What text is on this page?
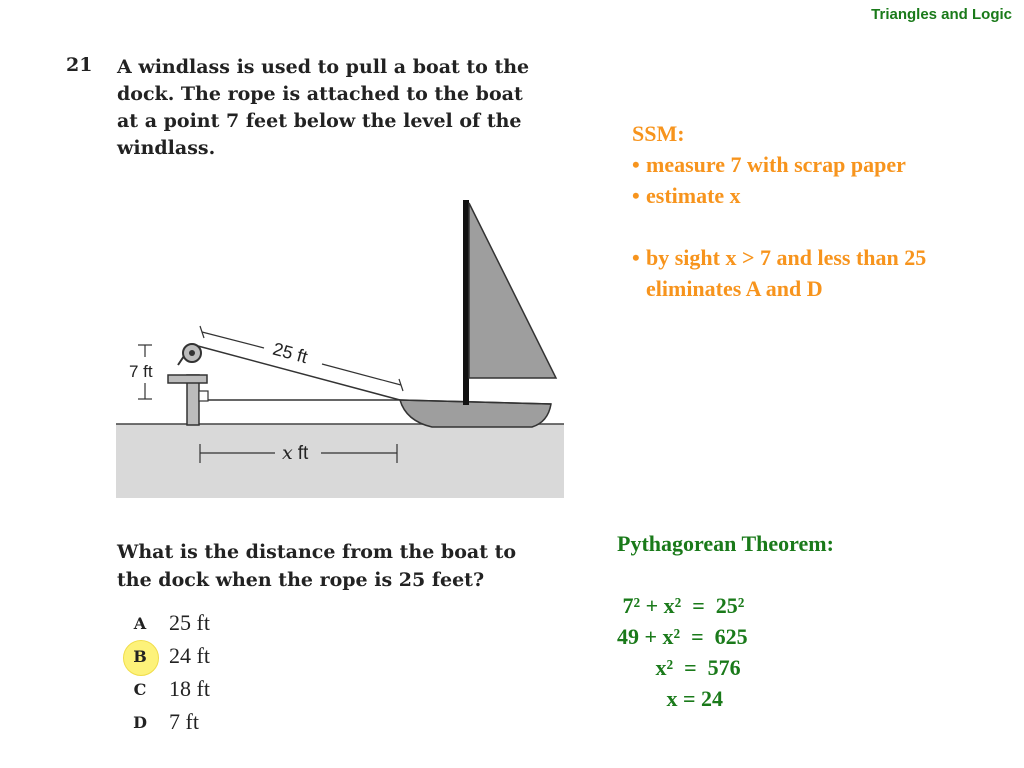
Triangles and Logic
21 A windlass is used to pull a boat to the
dock. The rope is attached to the boat
at a point 7 feet below the level of the
windlass.
25 ft
7 ft
x ft
What is the distance from the boat to
the dock when the rope is 25 feet?
A	25 ft
B	24 ft
C	18 ft
D	7 ft
SSM:
• measure 7 with scrap paper
• estimate x
• by sight x > 7 and less than 25
eliminates A and D
Pythagorean Theorem:
7² + x²  =  25²
49 + x²  =  625
x²  =  576
x = 24
